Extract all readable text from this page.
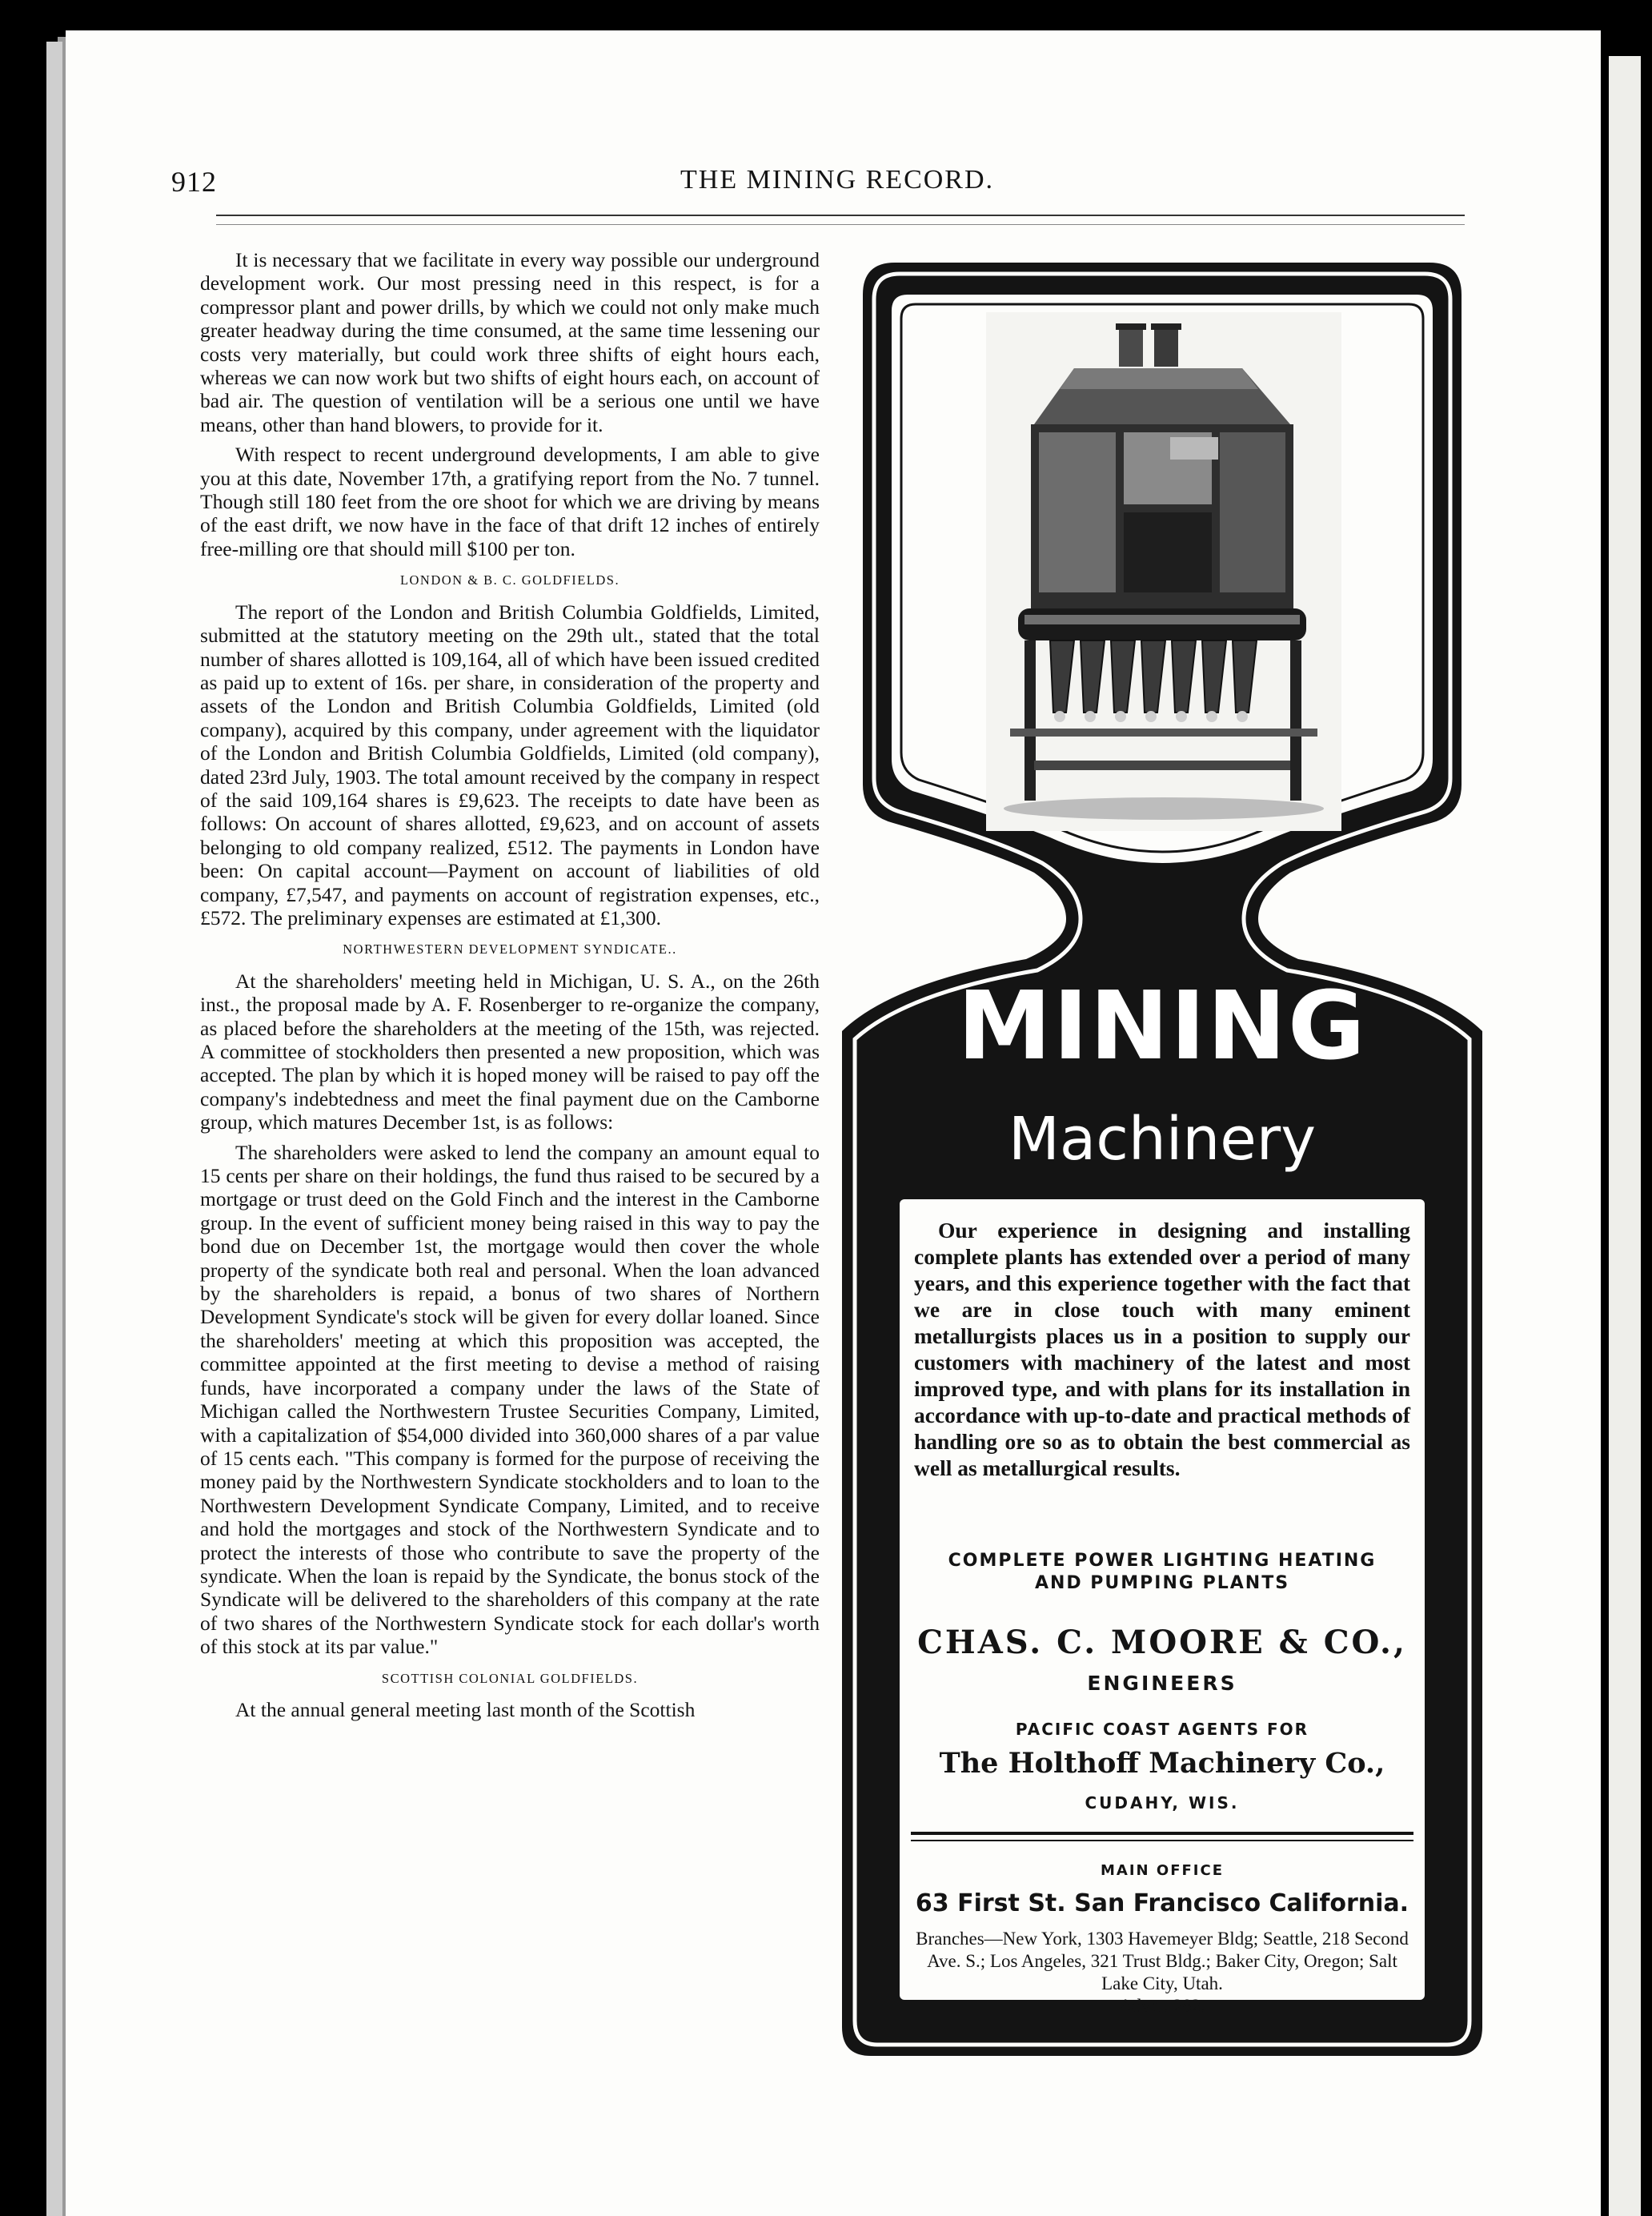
912	THE MINING RECORD.

It is necessary that we facilitate in every way possible our underground development work. Our most pressing need in this respect, is for a compressor plant and power drills, by which we could not only make much greater headway during the time consumed, at the same time lessening our costs very materially, but could work three shifts of eight hours each, whereas we can now work but two shifts of eight hours each, on account of bad air. The question of ventilation will be a serious one until we have means, other than hand blowers, to provide for it.

With respect to recent underground developments, I am able to give you at this date, November 17th, a gratifying report from the No. 7 tunnel. Though still 180 feet from the ore shoot for which we are driving by means of the east drift, we now have in the face of that drift 12 inches of entirely free-milling ore that should mill $100 per ton.

LONDON & B. C. GOLDFIELDS.

The report of the London and British Columbia Goldfields, Limited, submitted at the statutory meeting on the 29th ult., stated that the total number of shares allotted is 109,164, all of which have been issued credited as paid up to extent of 16s. per share, in consideration of the property and assets of the London and British Columbia Goldfields, Limited (old company), acquired by this company, under agreement with the liquidator of the London and British Columbia Goldfields, Limited (old company), dated 23rd July, 1903. The total amount received by the company in respect of the said 109,164 shares is £9,623. The receipts to date have been as follows: On account of shares allotted, £9,623, and on account of assets belonging to old company realized, £512. The payments in London have been: On capital account—Payment on account of liabilities of old company, £7,547, and payments on account of registration expenses, etc., £572. The preliminary expenses are estimated at £1,300.

NORTHWESTERN DEVELOPMENT SYNDICATE..

At the shareholders' meeting held in Michigan, U. S. A., on the 26th inst., the proposal made by A. F. Rosenberger to re-organize the company, as placed before the shareholders at the meeting of the 15th, was rejected. A committee of stockholders then presented a new proposition, which was accepted. The plan by which it is hoped money will be raised to pay off the company's indebtedness and meet the final payment due on the Camborne group, which matures December 1st, is as follows:

The shareholders were asked to lend the company an amount equal to 15 cents per share on their holdings, the fund thus raised to be secured by a mortgage or trust deed on the Gold Finch and the interest in the Camborne group. In the event of sufficient money being raised in this way to pay the bond due on December 1st, the mortgage would then cover the whole property of the syndicate both real and personal. When the loan advanced by the shareholders is repaid, a bonus of two shares of Northern Development Syndicate's stock will be given for every dollar loaned. Since the shareholders' meeting at which this proposition was accepted, the committee appointed at the first meeting to devise a method of raising funds, have incorporated a company under the laws of the State of Michigan called the Northwestern Trustee Securities Company, Limited, with a capitalization of $54,000 divided into 360,000 shares of a par value of 15 cents each. "This company is formed for the purpose of receiving the money paid by the Northwestern Syndicate stockholders and to loan to the Northwestern Development Syndicate Company, Limited, and to receive and hold the mortgages and stock of the Northwestern Syndicate and to protect the interests of those who contribute to save the property of the syndicate. When the loan is repaid by the Syndicate, the bonus stock of the Syndicate will be delivered to the shareholders of this company at the rate of two shares of the Northwestern Syndicate stock for each dollar's worth of this stock at its par value."

SCOTTISH COLONIAL GOLDFIELDS.

At the annual general meeting last month of the Scottish

MINING
Machinery
Our experience in designing and installing complete plants has extended over a period of many years, and this experience together with the fact that we are in close touch with many eminent metallurgists places us in a position to supply our customers with machinery of the latest and most improved type, and with plans for its installation in accordance with up-to-date and practical methods of handling ore so as to obtain the best commercial as well as metallurgical results.
COMPLETE POWER LIGHTING HEATING
AND PUMPING PLANTS
CHAS. C. MOORE & CO.,
ENGINEERS
PACIFIC COAST AGENTS FOR
The Holthoff Machinery Co.,
CUDAHY, WIS.
MAIN OFFICE
63 First St. San Francisco California.
Branches—New York, 1303 Havemeyer Bldg; Seattle, 218 Second Ave. S.; Los Angeles, 321 Trust Bldg.; Baker City, Oregon; Salt Lake City, Utah.
Adver. 282.
